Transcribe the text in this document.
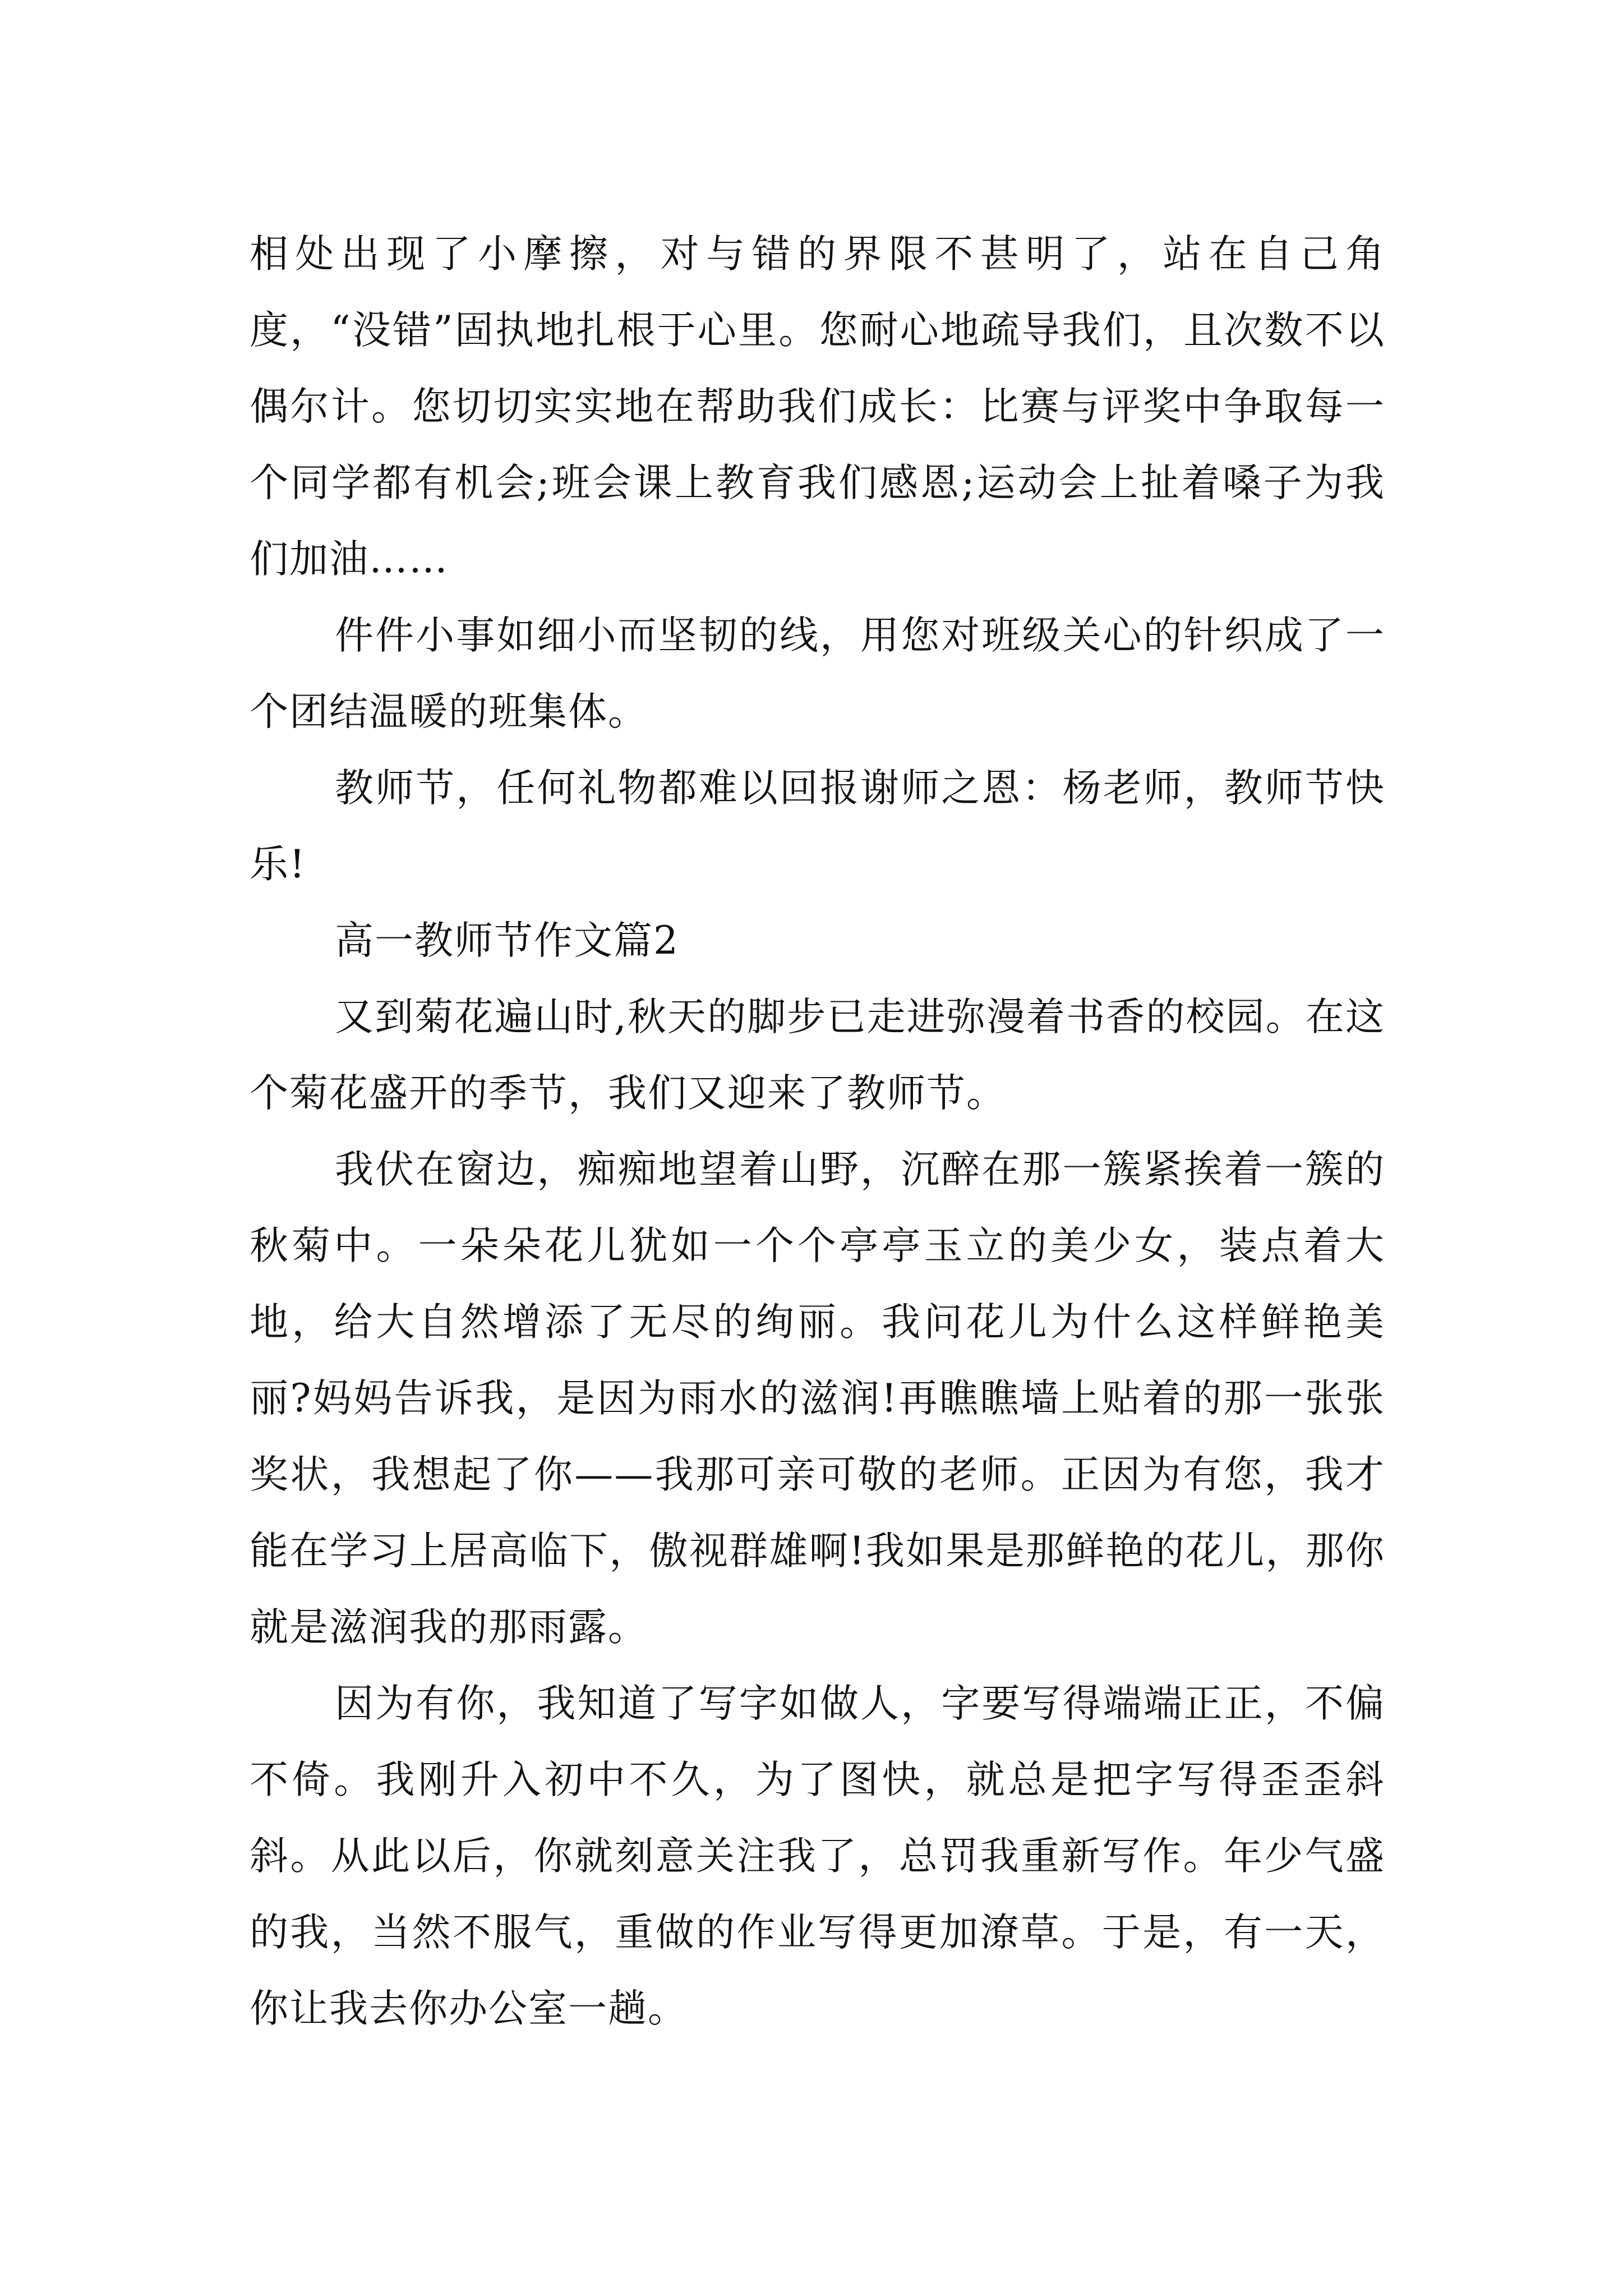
相处出现了小摩擦，对与错的界限不甚明了，站在自己角度，“没错”固执地扎根于心里。您耐心地疏导我们，且次数不以偶尔计。您切切实实地在帮助我们成长：比赛与评奖中争取每一个同学都有机会;班会课上教育我们感恩;运动会上扯着嗓子为我们加油……

件件小事如细小而坚韧的线，用您对班级关心的针织成了一个团结温暖的班集体。

教师节，任何礼物都难以回报谢师之恩：杨老师，教师节快乐!

高一教师节作文篇2

又到菊花遍山时,秋天的脚步已走进弥漫着书香的校园。在这个菊花盛开的季节，我们又迎来了教师节。

我伏在窗边，痴痴地望着山野，沉醉在那一簇紧挨着一簇的秋菊中。一朵朵花儿犹如一个个亭亭玉立的美少女，装点着大地，给大自然增添了无尽的绚丽。我问花儿为什么这样鲜艳美丽?妈妈告诉我，是因为雨水的滋润!再瞧瞧墙上贴着的那一张张奖状，我想起了你——我那可亲可敬的老师。正因为有您，我才能在学习上居高临下，傲视群雄啊!我如果是那鲜艳的花儿，那你就是滋润我的那雨露。

因为有你，我知道了写字如做人，字要写得端端正正，不偏不倚。我刚升入初中不久，为了图快，就总是把字写得歪歪斜斜。从此以后，你就刻意关注我了，总罚我重新写作。年少气盛的我，当然不服气，重做的作业写得更加潦草。于是，有一天，你让我去你办公室一趟。
